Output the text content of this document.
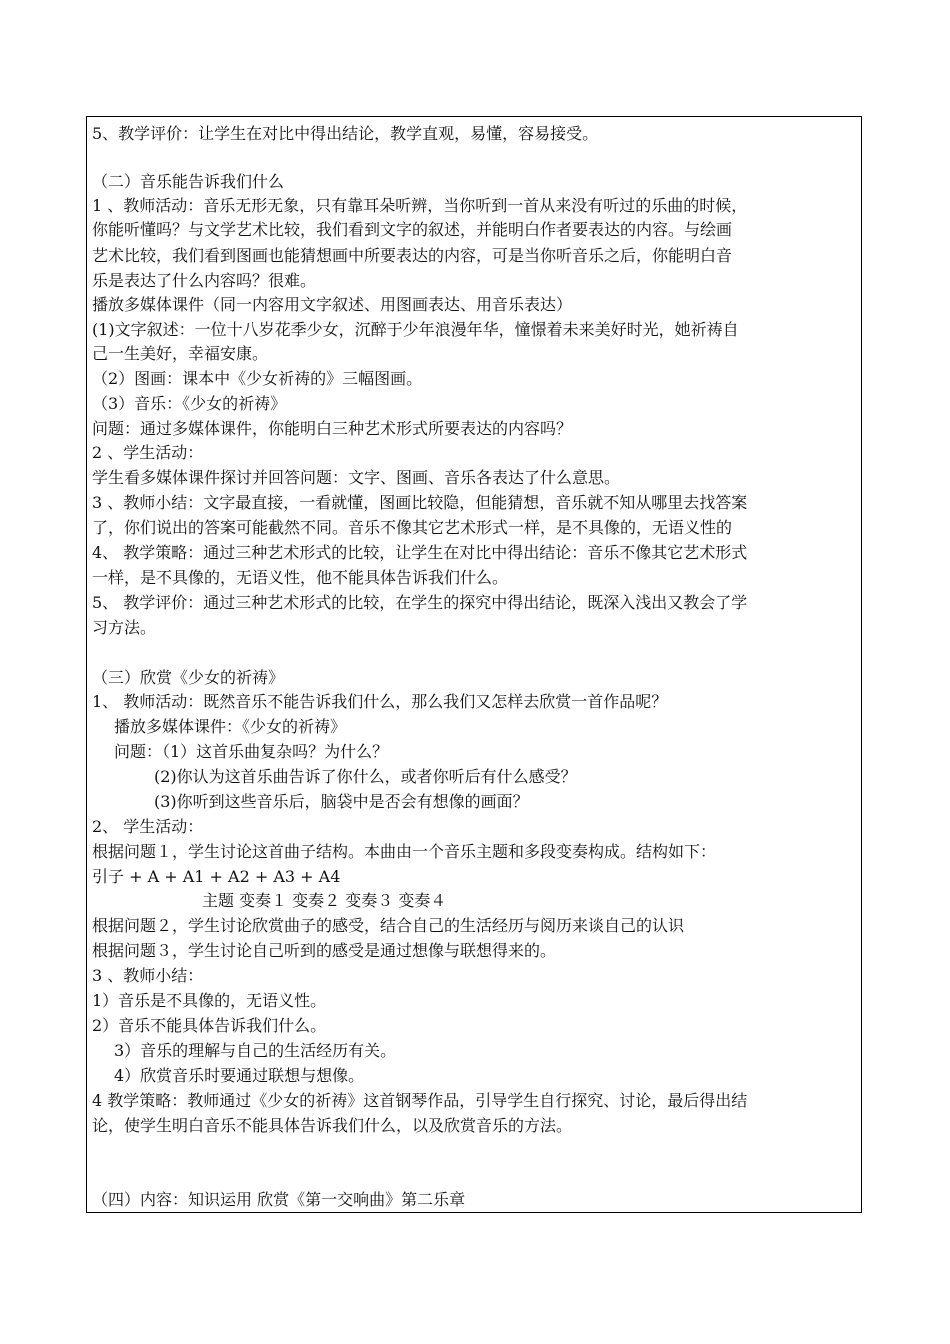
5、教学评价：让学生在对比中得出结论，教学直观，易懂，容易接受。
（二）音乐能告诉我们什么
1 、教师活动：音乐无形无象，只有靠耳朵听辨，当你听到一首从来没有听过的乐曲的时候，
你能听懂吗？与文学艺术比较，我们看到文字的叙述，并能明白作者要表达的内容。与绘画
艺术比较，我们看到图画也能猜想画中所要表达的内容，可是当你听音乐之后，你能明白音
乐是表达了什么内容吗？很难。
播放多媒体课件（同一内容用文字叙述、用图画表达、用音乐表达）
(1)文字叙述：一位十八岁花季少女，沉醉于少年浪漫年华，憧憬着未来美好时光，她祈祷自
己一生美好，幸福安康。
（2）图画：课本中《少女祈祷的》三幅图画。
（3）音乐：《少女的祈祷》
问题：通过多媒体课件，你能明白三种艺术形式所要表达的内容吗？
2 、学生活动：
学生看多媒体课件探讨并回答问题：文字、图画、音乐各表达了什么意思。
3 、教师小结：文字最直接，一看就懂，图画比较隐，但能猜想，音乐就不知从哪里去找答案
了，你们说出的答案可能截然不同。音乐不像其它艺术形式一样，是不具像的，无语义性的
4、 教学策略：通过三种艺术形式的比较，让学生在对比中得出结论：音乐不像其它艺术形式
一样，是不具像的，无语义性，他不能具体告诉我们什么。
5、 教学评价：通过三种艺术形式的比较，在学生的探究中得出结论，既深入浅出又教会了学
习方法。
（三）欣赏《少女的祈祷》
1、 教师活动：既然音乐不能告诉我们什么，那么我们又怎样去欣赏一首作品呢？
播放多媒体课件：《少女的祈祷》
问题：（1）这首乐曲复杂吗？为什么？
(2)你认为这首乐曲告诉了你什么，或者你听后有什么感受？
(3)你听到这些音乐后，脑袋中是否会有想像的画面？
2、 学生活动：
根据问题１，学生讨论这首曲子结构。本曲由一个音乐主题和多段变奏构成。结构如下：
引子 + A + A1 + A2 + A3 + A4
主题 变奏１ 变奏２ 变奏３ 变奏４
根据问题２，学生讨论欣赏曲子的感受，结合自己的生活经历与阅历来谈自己的认识
根据问题３，学生讨论自己听到的感受是通过想像与联想得来的。
3 、教师小结：
1）音乐是不具像的，无语义性。
2）音乐不能具体告诉我们什么。
3）音乐的理解与自己的生活经历有关。
4）欣赏音乐时要通过联想与想像。
4 教学策略：教师通过《少女的祈祷》这首钢琴作品，引导学生自行探究、讨论，最后得出结
论，使学生明白音乐不能具体告诉我们什么，以及欣赏音乐的方法。
（四）内容：知识运用 欣赏《第一交响曲》第二乐章
